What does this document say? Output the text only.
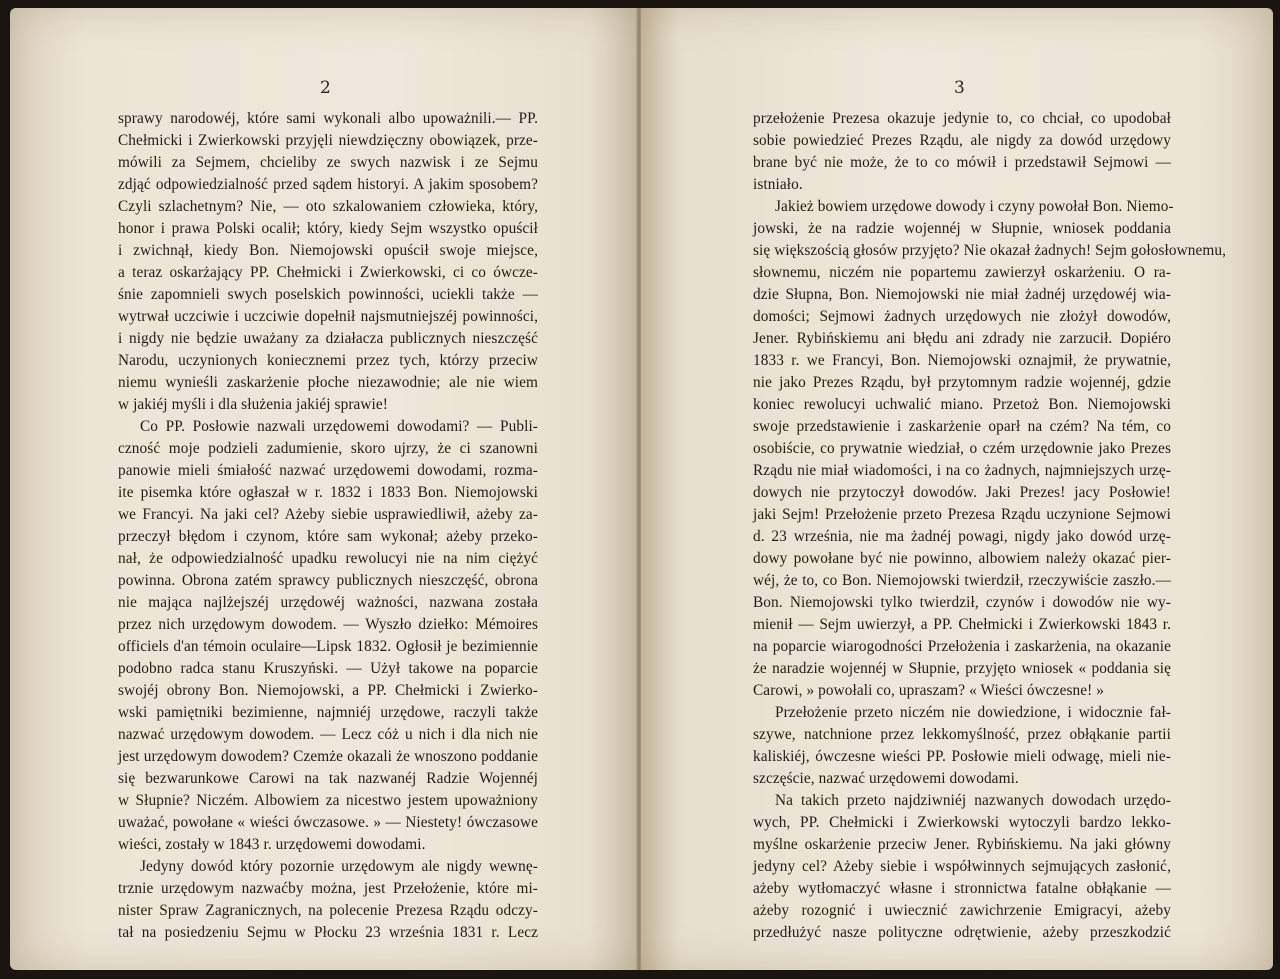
2
sprawy narodowéj, które sami wykonali albo upoważnili.— PP.
Chełmicki i Zwierkowski przyjęli niewdzięczny obowiązek, prze-
mówili za Sejmem, chcieliby ze swych nazwisk i ze Sejmu
zdjąć odpowiedzialność przed sądem historyi. A jakim sposobem?
Czyli szlachetnym? Nie, — oto szkalowaniem człowieka, który,
honor i prawa Polski ocalił; który, kiedy Sejm wszystko opuścił
i zwichnął, kiedy Bon. Niemojowski opuścił swoje miejsce,
a teraz oskarżający PP. Chełmicki i Zwierkowski, ci co ówcze-
śnie zapomnieli swych poselskich powinności, uciekli także —
wytrwał uczciwie i uczciwie dopełnił najsmutniejszéj powinności,
i nigdy nie będzie uważany za działacza publicznych nieszczęść
Narodu, uczynionych koniecznemi przez tych, którzy przeciw
niemu wynieśli zaskarżenie płoche niezawodnie; ale nie wiem
w jakiéj myśli i dla służenia jakiéj sprawie!
Co PP. Posłowie nazwali urzędowemi dowodami? — Publi-
czność moje podzieli zadumienie, skoro ujrzy, że ci szanowni
panowie mieli śmiałość nazwać urzędowemi dowodami, rozma-
ite pisemka które ogłaszał w r. 1832 i 1833 Bon. Niemojowski
we Francyi. Na jaki cel? Ażeby siebie usprawiedliwił, ażeby za-
przeczył błędom i czynom, które sam wykonał; ażeby przeko-
nał, że odpowiedzialność upadku rewolucyi nie na nim ciężyć
powinna. Obrona zatém sprawcy publicznych nieszczęść, obrona
nie mająca najlżejszéj urzędowéj ważności, nazwana została
przez nich urzędowym dowodem. — Wyszło dziełko: Mémoires
officiels d'an témoin oculaire—Lipsk 1832. Ogłosił je bezimiennie
podobno radca stanu Kruszyński. — Użył takowe na poparcie
swojéj obrony Bon. Niemojowski, a PP. Chełmicki i Zwierko-
wski pamiętniki bezimienne, najmniéj urzędowe, raczyli także
nazwać urzędowym dowodem. — Lecz cóż u nich i dla nich nie
jest urzędowym dowodem? Czemże okazali że wnoszono poddanie
się bezwarunkowe Carowi na tak nazwanéj Radzie Wojennéj
w Słupnie? Niczém. Albowiem za nicestwo jestem upoważniony
uważać, powołane « wieści ówczasowe. » — Niestety! ówczasowe
wieści, zostały w 1843 r. urzędowemi dowodami.
Jedyny dowód który pozornie urzędowym ale nigdy wewnę-
trznie urzędowym nazwaćby można, jest Przełożenie, które mi-
nister Spraw Zagranicznych, na polecenie Prezesa Rządu odczy-
tał na posiedzeniu Sejmu w Płocku 23 września 1831 r. Lecz
3
przełożenie Prezesa okazuje jedynie to, co chciał, co upodobał
sobie powiedzieć Prezes Rządu, ale nigdy za dowód urzędowy
brane być nie może, że to co mówił i przedstawił Sejmowi —
istniało.
Jakież bowiem urzędowe dowody i czyny powołał Bon. Niemo-
jowski, że na radzie wojennéj w Słupnie, wniosek poddania
się większością głosów przyjęto? Nie okazał żadnych! Sejm gołosłownemu,
słownemu, niczém nie popartemu zawierzył oskarżeniu. O ra-
dzie Słupna, Bon. Niemojowski nie miał żadnéj urzędowéj wia-
domości; Sejmowi żadnych urzędowych nie złożył dowodów,
Jener. Rybińskiemu ani błędu ani zdrady nie zarzucił. Dopiéro
1833 r. we Francyi, Bon. Niemojowski oznajmił, że prywatnie,
nie jako Prezes Rządu, był przytomnym radzie wojennéj, gdzie
koniec rewolucyi uchwalić miano. Przetoż Bon. Niemojowski
swoje przedstawienie i zaskarżenie oparł na czém? Na tém, co
osobiście, co prywatnie wiedział, o czém urzędownie jako Prezes
Rządu nie miał wiadomości, i na co żadnych, najmniejszych urzę-
dowych nie przytoczył dowodów. Jaki Prezes! jacy Posłowie!
jaki Sejm! Przełożenie przeto Prezesa Rządu uczynione Sejmowi
d. 23 września, nie ma żadnéj powagi, nigdy jako dowód urzę-
dowy powołane być nie powinno, albowiem należy okazać pier-
wéj, że to, co Bon. Niemojowski twierdził, rzeczywiście zaszło.—
Bon. Niemojowski tylko twierdził, czynów i dowodów nie wy-
mienił — Sejm uwierzył, a PP. Chełmicki i Zwierkowski 1843 r.
na poparcie wiarogodności Przełożenia i zaskarżenia, na okazanie
że naradzie wojennéj w Słupnie, przyjęto wniosek « poddania się
Carowi, » powołali co, upraszam? « Wieści ówczesne! »
Przełożenie przeto niczém nie dowiedzione, i widocznie fał-
szywe, natchnione przez lekkomyślność, przez obłąkanie partii
kaliskiéj, ówczesne wieści PP. Posłowie mieli odwagę, mieli nie-
szczęście, nazwać urzędowemi dowodami.
Na takich przeto najdziwniéj nazwanych dowodach urzędo-
wych, PP. Chełmicki i Zwierkowski wytoczyli bardzo lekko-
myślne oskarżenie przeciw Jener. Rybińskiemu. Na jaki główny
jedyny cel? Ażeby siebie i współwinnych sejmujących zasłonić,
ażeby wytłomaczyć własne i stronnictwa fatalne obłąkanie —
ażeby rozognić i uwiecznić zawichrzenie Emigracyi, ażeby
przedłużyć nasze polityczne odrętwienie, ażeby przeszkodzić
